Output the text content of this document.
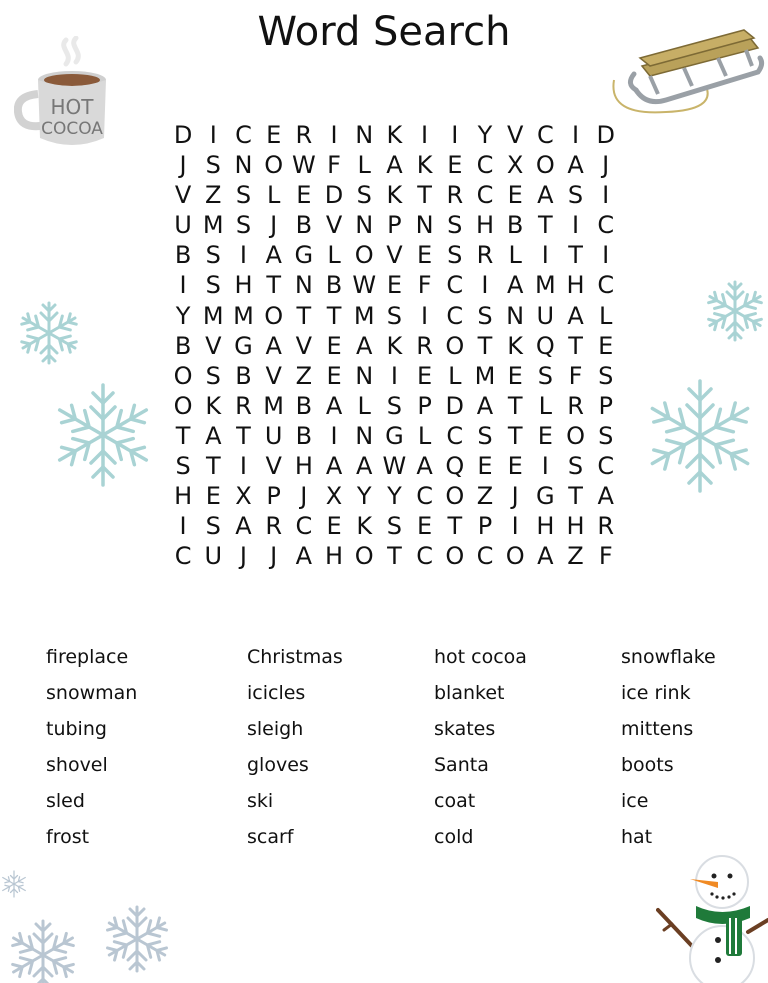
Word Search
HOT
COCOA	D I C E R I N K I I Y V C I D
J S N O W F L A K E C X O A J
V Z S L E D S K T R C E A S I
U M S J B V N P N S H B T I C
B S I A G L O V E S R L I T I
I S H T N B W E F C I A M H C
Y M M O T T M S I C S N U A L
B V G A V E A K R O T K Q T E
O S B V Z E N I E L M E S F S
O K R M B A L S P D A T L R P
T A T U B I N G L C S T E O S
S T I V H A A W A Q E E I S C
H E X P J X Y Y C O Z J G T A
I S A R C E K S E T P I H H R
C U J J A H O T C O C O A Z F
fireplace	Christmas	hot cocoa	snowflake
snowman	icicles	blanket	ice rink
tubing	sleigh	skates	mittens
shovel	gloves	Santa	boots
sled	ski	coat	ice
frost	scarf	cold	hat
